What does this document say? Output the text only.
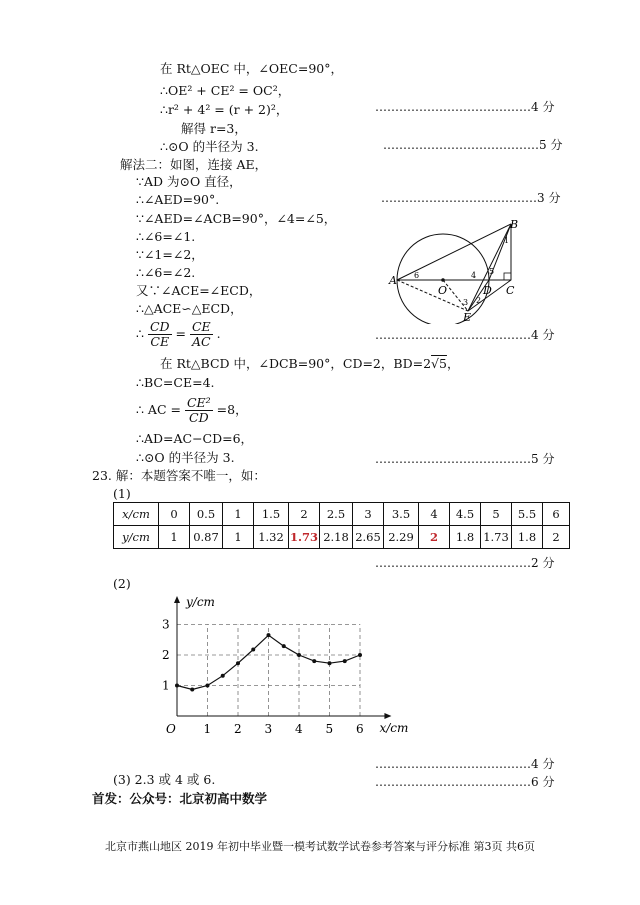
在 Rt△OEC 中，∠OEC=90°，
∴OE² + CE² = OC²，
∴r² + 4² = (r + 2)²，
解得 r=3，
∴⊙O 的半径为 3.
解法二：如图，连接 AE，
∵AD 为⊙O 直径，
∴∠AED=90°.
∵∠AED=∠ACB=90°，∠4=∠5，
∴∠6=∠1.
∵∠1=∠2，
∴∠6=∠2.
又∵∠ACE=∠ECD，
∴△ACE∽△ECD，
∴ $\frac{CD}{CE} = \frac{CE}{AC}$ .
在 Rt△BCD 中，∠DCB=90°，CD=2，BD=2√5，
∴BC=CE=4.
∴ AC = $\frac{\text{CE²}}{CD} =8$，
∴AD=AC−CD=6，
∴⊙O 的半径为 3.
23. 解：本题答案不唯一，如：
(1)
(2)
(3) 2.3 或 4 或 6.
…………………………………4 分
…………………………………5 分
…………………………………3 分
…………………………………4 分
…………………………………5 分
…………………………………2 分
…………………………………4 分
…………………………………6 分
A
O	D C
B
E
1
2
3
4 5
6
x/cm	0	0.5	1	1.5	2	2.5	3	3.5	4	4.5	5	5.5	6
y/cm	1	0.87	1	1.32	1.73	2.18	2.65	2.29	2	1.8	1.73	1.8	2
1 2 3 4 5 6
1
2
3
O
y/cm
x/cm
首发：公众号：北京初高中数学
北京市燕山地区 2019 年初中毕业暨一模考试数学试卷参考答案与评分标准 第3页 共6页
